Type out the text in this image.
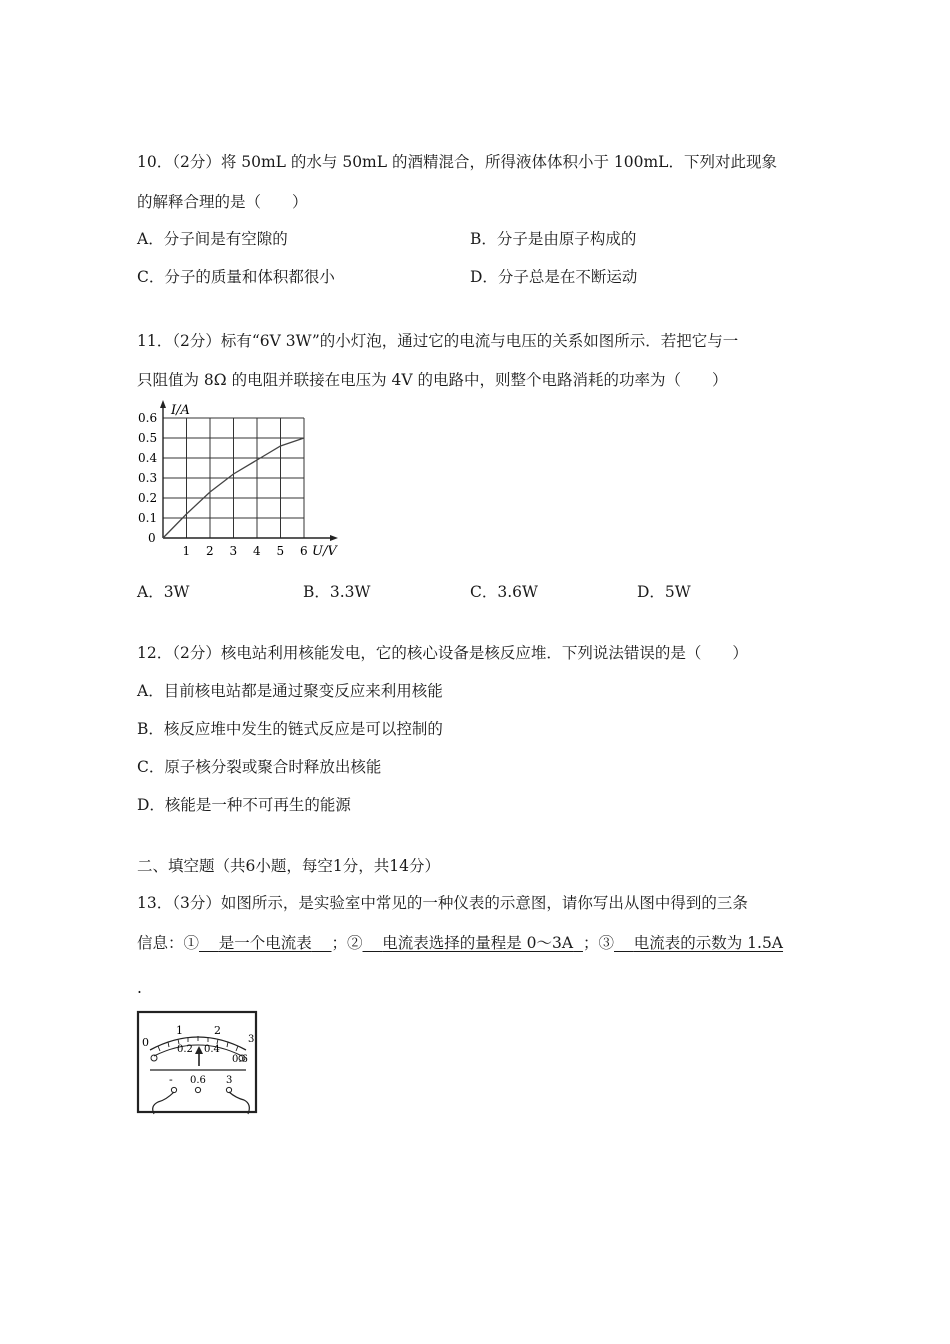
10．（2分）将 50mL 的水与 50mL 的酒精混合，所得液体体积小于 100mL．下列对此现象
的解释合理的是（　　）
A．分子间是有空隙的	B．分子是由原子构成的
C．分子的质量和体积都很小	D．分子总是在不断运动
11．（2分）标有“6V 3W”的小灯泡，通过它的电流与电压的关系如图所示．若把它与一
只阻值为 8Ω 的电阻并联接在电压为 4V 的电路中，则整个电路消耗的功率为（　　）
I/A
U/V
1 2 3 4 5 6
0.6
0.5
0.4
0.3
0.2
0.1
0
A．3W	B．3.3W	C．3.6W	D．5W
12．（2分）核电站利用核能发电，它的核心设备是核反应堆．下列说法错误的是（　　）
A．目前核电站都是通过聚变反应来利用核能
B．核反应堆中发生的链式反应是可以控制的
C．原子核分裂或聚合时释放出核能
D．核能是一种不可再生的能源
二、填空题（共6小题，每空1分，共14分）
13．（3分）如图所示，是实验室中常见的一种仪表的示意图，请你写出从图中得到的三条
信息：①   是一个电流表   ；②   电流表选择的量程是 0～3A  ；③   电流表的示数为 1.5A
.
0
1	2
3
0.2 0.4
0.6
- 0.6 3
